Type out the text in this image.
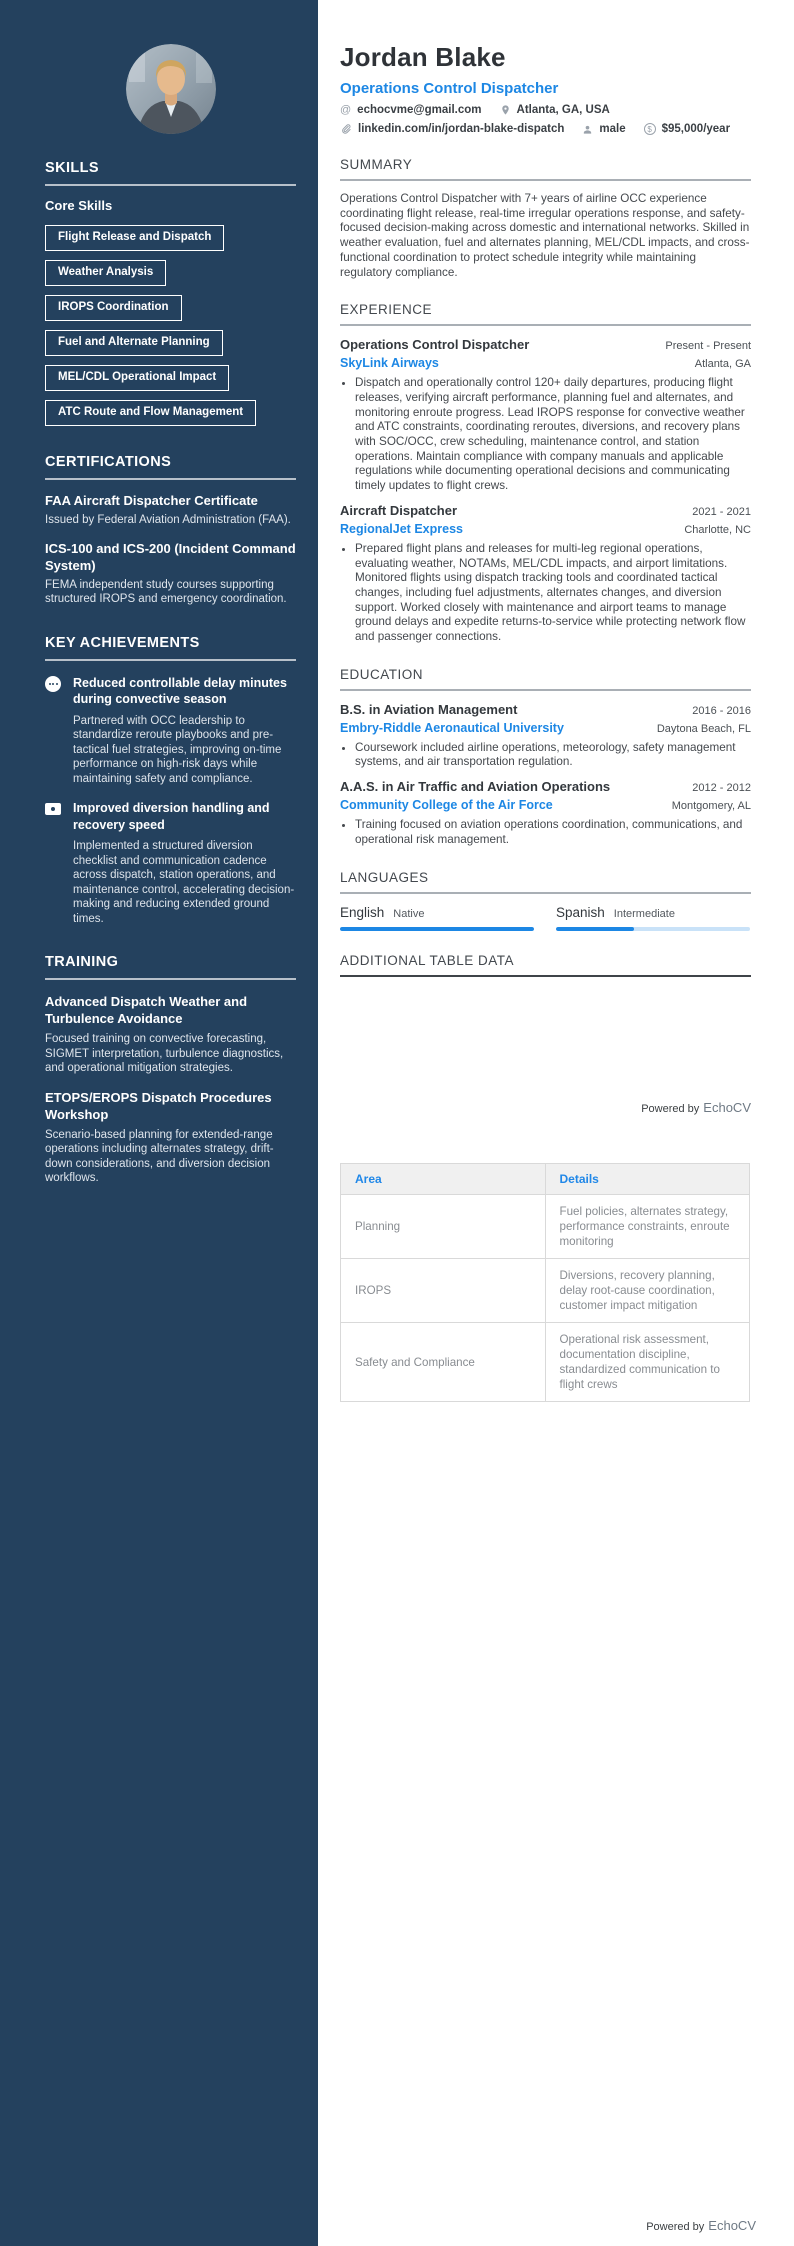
SKILLS
Core Skills
Flight Release and Dispatch
Weather Analysis
IROPS Coordination
Fuel and Alternate Planning
MEL/CDL Operational Impact
ATC Route and Flow Management
CERTIFICATIONS
FAA Aircraft Dispatcher Certificate
Issued by Federal Aviation Administration (FAA).
ICS-100 and ICS-200 (Incident Command System)
FEMA independent study courses supporting structured IROPS and emergency coordination.
KEY ACHIEVEMENTS
Reduced controllable delay minutes during convective season
Partnered with OCC leadership to standardize reroute playbooks and pre-tactical fuel strategies, improving on-time performance on high-risk days while maintaining safety and compliance.
Improved diversion handling and recovery speed
Implemented a structured diversion checklist and communication cadence across dispatch, station operations, and maintenance control, accelerating decision-making and reducing extended ground times.
TRAINING
Advanced Dispatch Weather and Turbulence Avoidance
Focused training on convective forecasting, SIGMET interpretation, turbulence diagnostics, and operational mitigation strategies.
ETOPS/EROPS Dispatch Procedures Workshop
Scenario-based planning for extended-range operations including alternates strategy, drift-down considerations, and diversion decision workflows.
Jordan Blake
Operations Control Dispatcher
@ echocvme@gmail.com	Atlanta, GA, USA
linkedin.com/in/jordan-blake-dispatch	male	$ $95,000/year
SUMMARY

Operations Control Dispatcher with 7+ years of airline OCC experience coordinating flight release, real-time irregular operations response, and safety-focused decision-making across domestic and international networks. Skilled in weather evaluation, fuel and alternates planning, MEL/CDL impacts, and cross-functional coordination to protect schedule integrity while maintaining regulatory compliance.

EXPERIENCE
Operations Control Dispatcher	Present - Present
SkyLink Airways	Atlanta, GA
• Dispatch and operationally control 120+ daily departures, producing flight releases, verifying aircraft performance, planning fuel and alternates, and monitoring enroute progress. Lead IROPS response for convective weather and ATC constraints, coordinating reroutes, diversions, and recovery plans with SOC/OCC, crew scheduling, maintenance control, and station operations. Maintain compliance with company manuals and applicable regulations while documenting operational decisions and communicating timely updates to flight crews.
Aircraft Dispatcher	2021 - 2021
RegionalJet Express	Charlotte, NC
• Prepared flight plans and releases for multi-leg regional operations, evaluating weather, NOTAMs, MEL/CDL impacts, and airport limitations. Monitored flights using dispatch tracking tools and coordinated tactical changes, including fuel adjustments, alternates changes, and diversion support. Worked closely with maintenance and airport teams to manage ground delays and expedite returns-to-service while protecting network flow and passenger connections.
EDUCATION
B.S. in Aviation Management	2016 - 2016
Embry-Riddle Aeronautical University	Daytona Beach, FL
• Coursework included airline operations, meteorology, safety management systems, and air transportation regulation.
A.A.S. in Air Traffic and Aviation Operations	2012 - 2012
Community College of the Air Force	Montgomery, AL
• Training focused on aviation operations coordination, communications, and operational risk management.
LANGUAGES
English Native	Spanish Intermediate
ADDITIONAL TABLE DATA
Powered by EchoCV
Area	Details
Planning	Fuel policies, alternates strategy, performance constraints, enroute monitoring
IROPS	Diversions, recovery planning, delay root-cause coordination, customer impact mitigation
Safety and Compliance	Operational risk assessment, documentation discipline, standardized communication to flight crews
Powered by EchoCV
